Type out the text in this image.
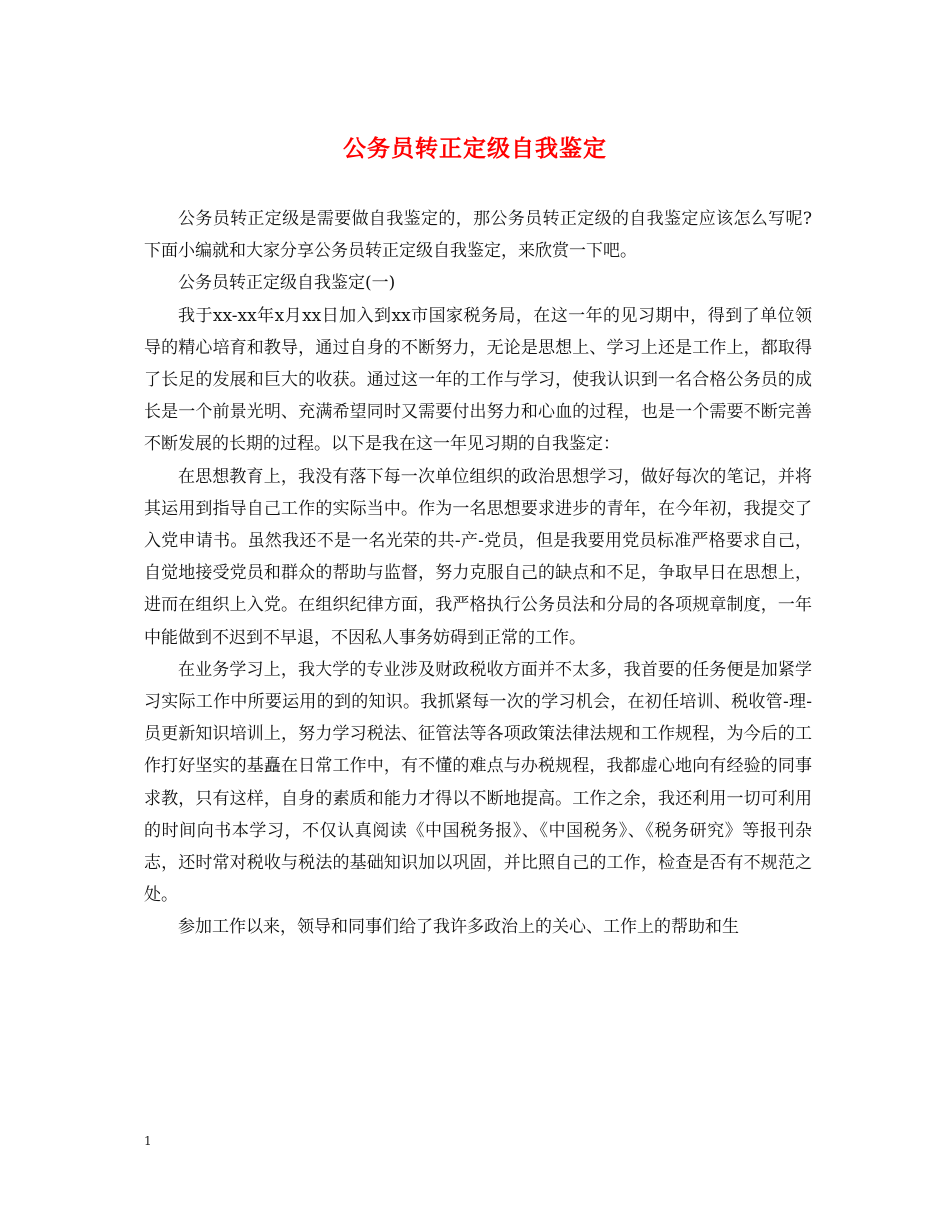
公务员转正定级自我鉴定

公务员转正定级是需要做自我鉴定的，那公务员转正定级的自我鉴定应该怎么写呢?下面小编就和大家分享公务员转正定级自我鉴定，来欣赏一下吧。

公务员转正定级自我鉴定(一)

我于xx-xx年x月xx日加入到xx市国家税务局，在这一年的见习期中，得到了单位领导的精心培育和教导，通过自身的不断努力，无论是思想上、学习上还是工作上，都取得了长足的发展和巨大的收获。通过这一年的工作与学习，使我认识到一名合格公务员的成长是一个前景光明、充满希望同时又需要付出努力和心血的过程，也是一个需要不断完善不断发展的长期的过程。以下是我在这一年见习期的自我鉴定：

在思想教育上，我没有落下每一次单位组织的政治思想学习，做好每次的笔记，并将其运用到指导自己工作的实际当中。作为一名思想要求进步的青年，在今年初，我提交了入党申请书。虽然我还不是一名光荣的共-产-党员，但是我要用党员标准严格要求自己，自觉地接受党员和群众的帮助与监督，努力克服自己的缺点和不足，争取早日在思想上，进而在组织上入党。在组织纪律方面，我严格执行公务员法和分局的各项规章制度，一年中能做到不迟到不早退，不因私人事务妨碍到正常的工作。

在业务学习上，我大学的专业涉及财政税收方面并不太多，我首要的任务便是加紧学习实际工作中所要运用的到的知识。我抓紧每一次的学习机会，在初任培训、税收管-理-员更新知识培训上，努力学习税法、征管法等各项政策法律法规和工作规程，为今后的工作打好坚实的基矗在日常工作中，有不懂的难点与办税规程，我都虚心地向有经验的同事求教，只有这样，自身的素质和能力才得以不断地提高。工作之余，我还利用一切可利用的时间向书本学习，不仅认真阅读《中国税务报》、《中国税务》、《税务研究》等报刊杂志，还时常对税收与税法的基础知识加以巩固，并比照自己的工作，检查是否有不规范之处。

参加工作以来，领导和同事们给了我许多政治上的关心、工作上的帮助和生

1
